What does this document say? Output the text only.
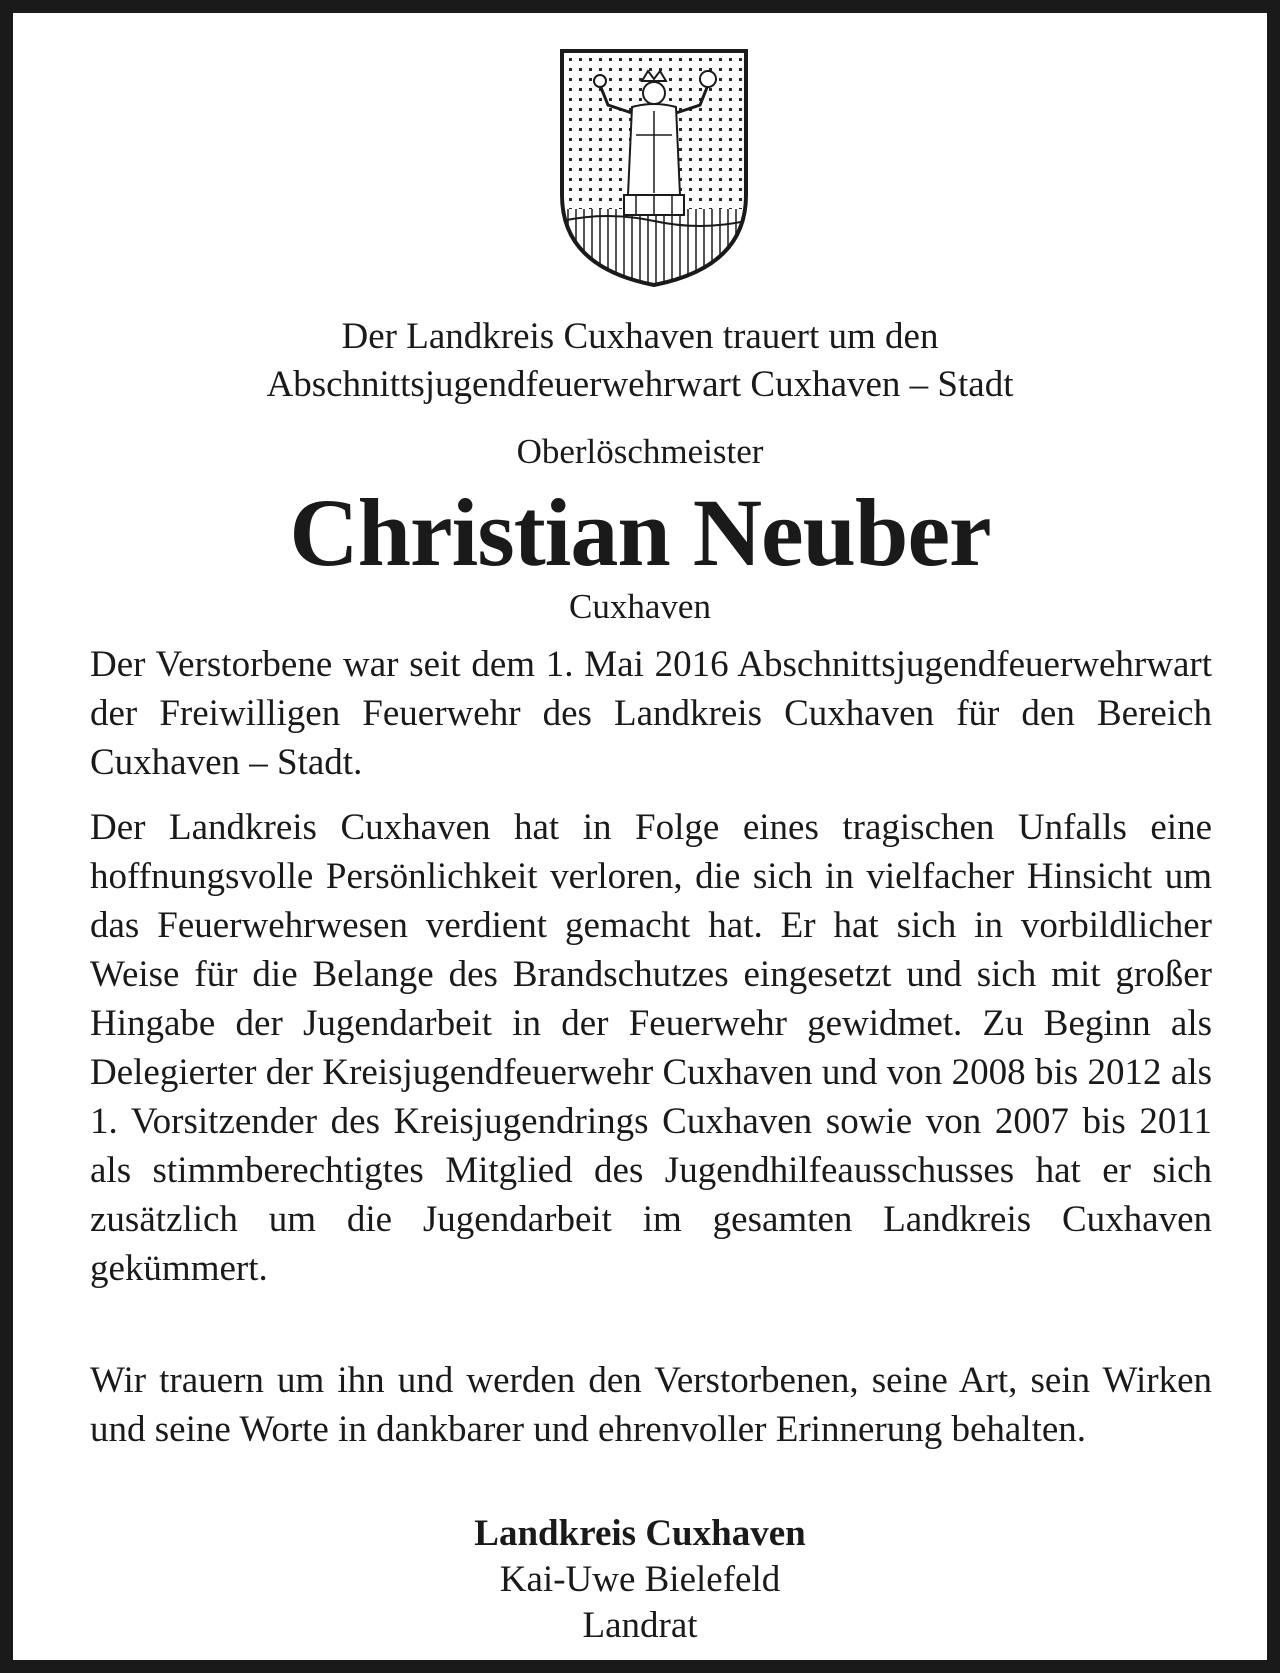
Der Landkreis Cuxhaven trauert um den
Abschnittsjugendfeuerwehrwart Cuxhaven – Stadt
Oberlöschmeister
Christian Neuber
Cuxhaven

Der Verstorbene war seit dem 1. Mai 2016 Abschnittsjugendfeuerwehrwart der Freiwilligen Feuerwehr des Landkreis Cuxhaven für den Bereich Cuxhaven – Stadt.

Der Landkreis Cuxhaven hat in Folge eines tragischen Unfalls eine hoffnungsvolle Persönlichkeit verloren, die sich in vielfacher Hinsicht um das Feuerwehrwesen verdient gemacht hat. Er hat sich in vorbildlicher Weise für die Belange des Brandschutzes eingesetzt und sich mit großer Hingabe der Jugendarbeit in der Feuerwehr gewidmet. Zu Beginn als Delegierter der Kreisjugendfeuerwehr Cuxhaven und von 2008 bis 2012 als 1. Vorsitzender des Kreisjugendrings Cuxhaven sowie von 2007 bis 2011 als stimmberechtigtes Mitglied des Jugendhilfeausschusses hat er sich zusätzlich um die Jugendarbeit im gesamten Landkreis Cuxhaven gekümmert.

Wir trauern um ihn und werden den Verstorbenen, seine Art, sein Wirken und seine Worte in dankbarer und ehrenvoller Erinnerung behalten.

Landkreis Cuxhaven
Kai-Uwe Bielefeld
Landrat
